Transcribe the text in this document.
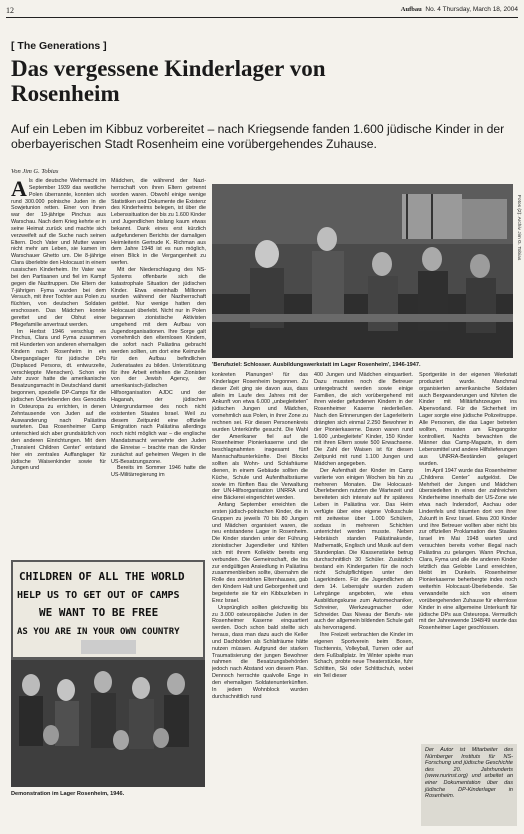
12	Aufbau No. 4 Thursday, March 18, 2004
[ The Generations ]
Das vergessene Kinderlager von Rosenheim
Auf ein Leben im Kibbuz vorbereitet – nach Kriegsende fanden 1.600 jüdische Kinder in der oberbayerischen Stadt Rosenheim eine vorübergehendes Zuhause.
Von Jim G. Tobias

Als die deutsche Wehrmacht im September 1939 das westliche Polen überrannte, konnten sich rund 300.000 polnische Juden in die Sowjetunion retten. Einer von ihnen war der 19-jährige Pinchus aus Warschau. Nach dem Krieg kehrte er in seine Heimat zurück und machte sich verzweifelt auf die Suche nach seinen Eltern. Doch Vater und Mutter waren nicht mehr am Leben, sie kamen im Warschauer Ghetto um. Die 8-jährige Clara überlebte den Holocaust in einem russischen Kinderheim. Ihr Vater war bei den Partisanen und fiel im Kampf gegen die Nazitruppen. Die Eltern der 7-jährigen Fyma wurden bei dem Versuch, mit ihrer Tochter aus Polen zu flüchten, von deutschen Soldaten erschossen. Das Mädchen konnte gerettet und der Obhut einer Pflegefamilie anvertraut werden.

Im Herbst 1946 verschlug es Pinchus, Clara und Fyma zusammen mit Hunderten von anderen ehemaligen Kindern nach Rosenheim in ein Übergangslager für jüdische DPs (Displaced Persons, dt. entwurzelte, verschleppte Menschen). Schon ein Jahr zuvor hatte die amerikanische Besatzungsmacht in Deutschland damit begonnen, spezielle DP-Camps für die jüdischen Überlebenden des Genozids in Osteuropa zu errichten, in denen Zehntausende von Juden auf die Auswanderung nach Palästina warteten. Das Rosenheimer Camp unterschied sich aber grundsätzlich von den anderen Einrichtungen. Mit dem „Transient Children Center“ entstand hier ein zentrales Auffanglager für jüdische Waisenkinder sowie für Jungen und

Mädchen, die während der Naziherrschaft von ihren Eltern getrennt worden waren. Obwohl einige wenige Statistiken und Dokumente die Existenz des Kinderheims belegen, ist über die Lebenssituation der bis zu 1.600 Kinder und Jugendlichen bislang kaum etwas bekannt. Dank eines erst kürzlich aufgefundenen Berichts der damaligen Heimleiterin Gertrude K. Richman aus dem Jahre 1948 ist es nun möglich, einen Blick in die Vergangenheit zu werfen.

Mit der Niederschlagung des NS-Systems offenbarte sich die katastrophale Situation der jüdischen Kinder. Etwa eineinhalb Millionen wurden während der Naziherrschaft getötet. Nur wenige hatten den Holocaust überlebt. Nicht nur in Polen begannen zionistische Aktivisten umgehend mit dem Aufbau von Jugendorganisationen. Ihre Sorge galt vornehmlich den elternlosen Kindern, die sofort nach Palästina gebracht werden sollten, um dort eine Keimzelle für den Aufbau befindlichen Judenstaates zu bilden. Unterstützung für ihre Arbeit erhielten die Zionisten von der Jewish Agency, der amerikanisch-jüdischen Hilfsorganisation AJDC und der Haganah, der jüdischen Untergrundarmee des noch nicht existenten Staates Israel. Weil zu diesem Zeitpunkt eine offizielle Emigration nach Palästina allerdings noch nicht möglich war – die englische Mandatsmacht verwehrte den Juden die Einreise – brachte man die Kinder zunächst auf geheimen Wegen in die US-Besatzungszone.

Bereits im Sommer 1946 hatte die US-Militärregierung im

Fotos (2): Archiv Jim G. Tobias
'Berufsziel: Schlosser. Ausbildungswerkstatt im Lager Rosenheim', 1946-1947.

konkreten Planungen¹ für das Kinderlager Rosenheim begonnen. Zu dieser Zeit ging sie davon aus, dass allein im Laufe des Jahres mit der Ankunft von etwa 6.000 „unbegleiteten“ jüdischen Jungen und Mädchen, vornehmlich aus Polen, in ihrer Zone zu rechnen sei. Für diesen Personenkreis wurden Unterkünfte gesucht. Die Wahl der Amerikaner fiel auf die Rosenheimer Pionierkaserne und die beschlagnahmten insgesamt fünf Mannschaftsunterkünfte. Drei Blocks sollten als Wohn- und Schlafräume dienen, in einem Gebäude sollten die Küche, Schule und Aufenthaltsräume sowie im fünften Bau die Verwaltung der UN-Hilfsorganisation UNRRA und eine Bäckerei eingerichtet werden.

Anfang September erreichten die ersten jüdisch-polnischen Kinder, die in Gruppen zu jeweils 70 bis 80 Jungen und Mädchen organisiert waren, die neu entstandene Lager in Rosenheim. Die Kinder standen unter der Führung zionistischer Jugendleiter und fühlten sich mit ihrem Kollektiv bereits eng verbunden. Die Gemeinschaft, die bis zur endgültigen Ansiedlung in Palästina zusammenbleiben sollte, übernahm die Rolle des zerstörten Elternhauses, gab den Kindern Halt und Geborgenheit und begeisterte sie für ein Kibbuzleben in Erez Israel.

Ursprünglich sollten gleichzeitig bis zu 3.000 osteuropäische Juden in der Rosenheimer Kaserne einquartiert werden. Doch schon bald stellte sich heraus, dass man dazu auch die Keller und Dachböden als Schlafräume hätte nutzen müssen. Aufgrund der starken Traumatisierung der jungen Bewohner nahmen die Besatzungsbehörden jedoch nach Abstand von diesem Plan. Dennoch herrschte qualvolle Enge in den ehemaligen Soldatenunterkünften. In jedem Wohnblock wurden durchschnittlich rund

400 Jungen und Mädchen einquartiert. Dazu mussten noch die Betreuer untergebracht werden sowie einige Familien, die sich vorübergehend mit ihren wieder gefundenen Kindern in der Rosenheimer Kaserne niederließen. Nach den Erinnerungen der Lagerleiterin drängten sich einmal 2.250 Bewohner in der Pionierkaserne. Davon waren rund 1.600 „unbegleitete“ Kinder, 150 Kinder mit ihren Eltern sowie 500 Erwachsene. Die Zahl der Waisen ist für diesen Zeitpunkt mit rund 1.100 Jungen und Mädchen angegeben.

Der Aufenthalt der Kinder im Camp variierte von einigen Wochen bis hin zu mehreren Monaten. Die Holocaust-Überlebenden nutzten die Wartezeit und bereiteten sich intensiv auf ihr späteres Leben in Palästina vor. Das Heim verfügte über eine eigene Volksschule mit zeitweise über 1.000 Schülern, sodass in mehreren Schichten unterrichtet werden musste. Neben Hebräisch standen Palästinakunde, Mathematik, Englisch und Musik auf dem Stundenplan. Die Klassenstärke betrug durchschnittlich 30 Schüler. Zusätzlich bestand ein Kindergarten für die noch nicht Schulpflichtigen unter den Lagerkindern. Für die Jugendlichen ab dem 14. Lebensjahr wurden zudem Lehrgänge angeboten, wie etwa Ausbildungskurse zum Automechaniker, Schreiner, Werkzeugmacher oder Schneider. Das Niveau der Berufs- wie auch der allgemein bildenden Schule galt als hervorragend.

Ihre Freizeit verbrachten die Kinder im eigenen Sportverein beim Boxen, Tischtennis, Volleyball, Turnen oder auf dem Fußballplatz. Im Winter spielte man Schach, probte neue Theaterstücke, fuhr Schlitten, Ski oder Schlittschuh, wobei ein Teil dieser

Sportgeräte in der eigenen Werkstatt produziert wurde. Manchmal organisierten amerikanische Soldaten auch Bergwanderungen und führten die Kinder mit Militärfahrzeugen ins Alpenvorland. Für die Sicherheit im Lager sorgte eine jüdische Polizeitruppe. Alle Personen, die das Lager betreten wollten, mussten am Eingangstor kontrolliert. Nachts bewachten die Männer das Camp-Magazin, in dem Lebensmittel und andere Hilfslieferungen aus UNRRA-Beständen gelagert wurden.

Im April 1947 wurde das Rosenheimer „Childrens Center“ aufgelöst. Die Mehrheit der Jungen und Mädchen übersiedelten in eines der zahlreichen Kinderheime innerhalb der US-Zone wie etwa nach Indersdorf, Aschau oder Lindenfels und träumten dort von ihrer Zukunft in Erez Israel. Etwa 200 Kinder und ihre Betreuer wollten aber nicht bis zur offiziellen Proklamation des Staates Israel im Mai 1948 warten und versuchten bereits vorher illegal nach Palästina zu gelangen. Wann Pinchus, Clara, Fyma und alle die anderen Kinder letztlich das Gelobte Land erreichten, bleibt im Dunkeln. Rosenheimer Pionierkaserne beherbergte indes noch weiterhin Holocaust-Überlebende. Sie verwandelte sich von einem vorübergehenden Zuhause für elternlose Kinder in eine allgemeine Unterkunft für jüdische DPs aus Osteuropa. Vermutlich mit der Jahreswende 1948/49 wurde das Rosenheimer Lager geschlossen.

CHILDREN OF ALL THE WORLD
HELP US TO GET OUT OF CAMPS
WE WANT TO BE FREE
AS YOU ARE IN YOUR OWN COUNTRY
Demonstration im Lager Rosenheim, 1946.
Der Autor ist Mitarbeiter des Nürnberger Instituts für NS-Forschung und jüdische Geschichte des 20. Jahrhunderts (www.nurinst.org) und arbeitet an einer Dokumentation über das jüdische DP-Kinderlager in Rosenheim.
